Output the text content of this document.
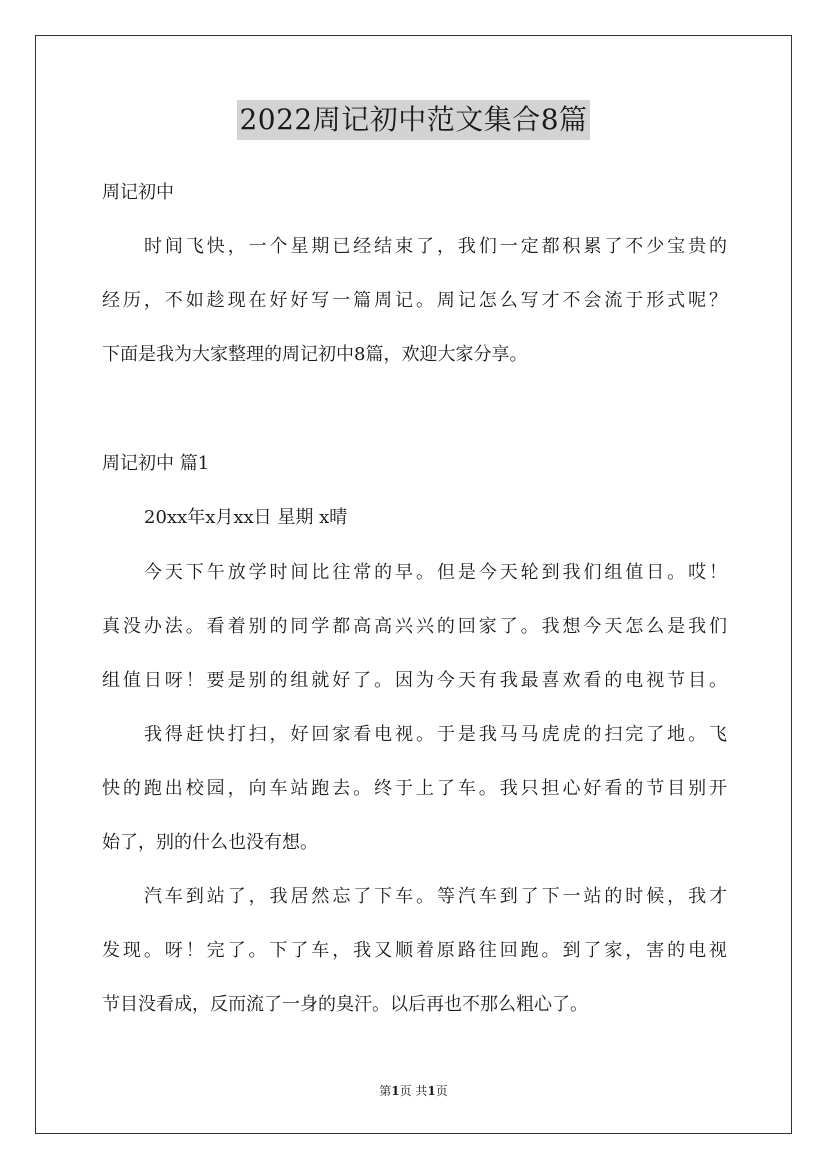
2022周记初中范文集合8篇
周记初中
时间飞快，一个星期已经结束了，我们一定都积累了不少宝贵的
经历，不如趁现在好好写一篇周记。周记怎么写才不会流于形式呢？
下面是我为大家整理的周记初中8篇，欢迎大家分享。
周记初中 篇1
20xx年x月xx日 星期 x晴
今天下午放学时间比往常的早。但是今天轮到我们组值日。哎！
真没办法。看着别的同学都高高兴兴的回家了。我想今天怎么是我们
组值日呀！要是别的组就好了。因为今天有我最喜欢看的电视节目。
我得赶快打扫，好回家看电视。于是我马马虎虎的扫完了地。飞
快的跑出校园，向车站跑去。终于上了车。我只担心好看的节目别开
始了，别的什么也没有想。
汽车到站了，我居然忘了下车。等汽车到了下一站的时候，我才
发现。呀！完了。下了车，我又顺着原路往回跑。到了家，害的电视
节目没看成，反而流了一身的臭汗。以后再也不那么粗心了。
第1页 共1页
